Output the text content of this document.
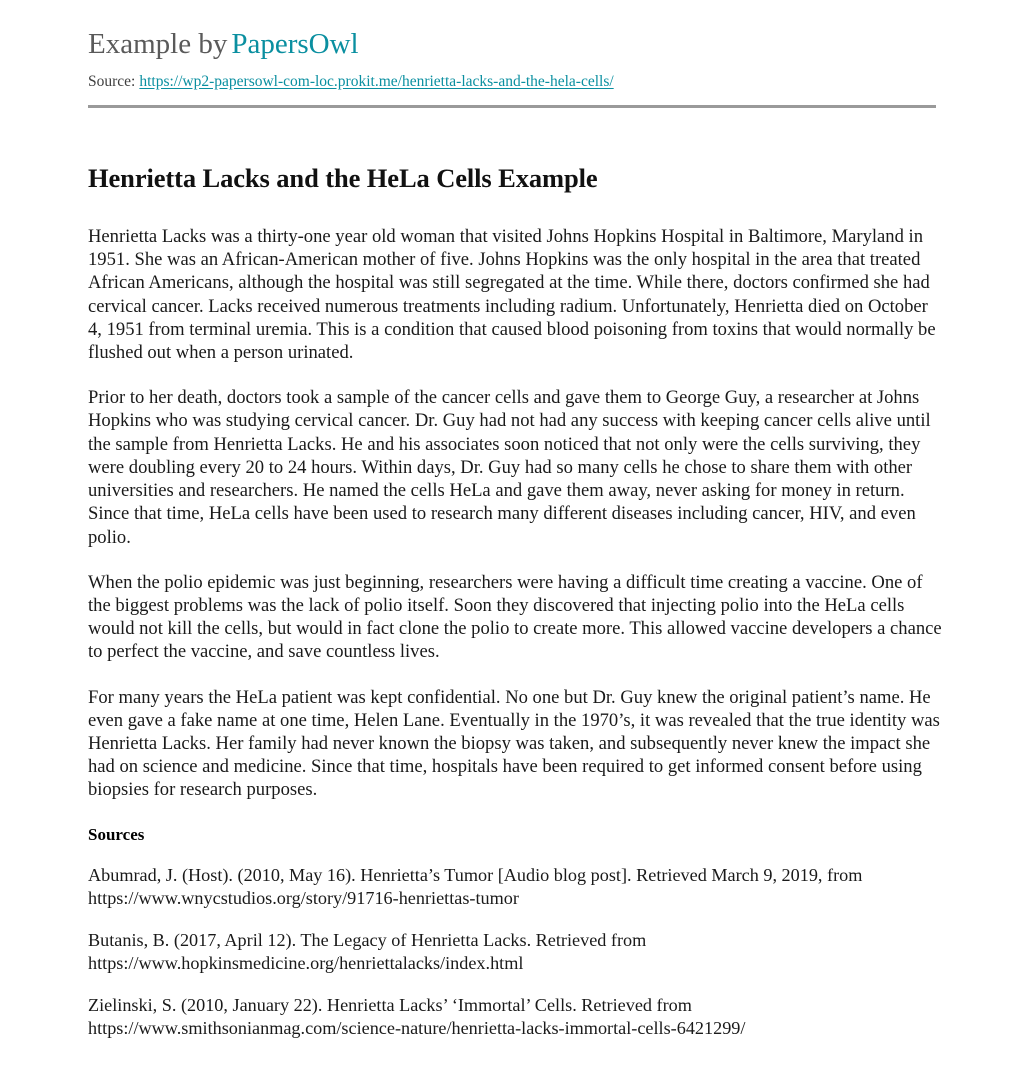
Example by PapersOwl
Source: https://wp2-papersowl-com-loc.prokit.me/henrietta-lacks-and-the-hela-cells/
Henrietta Lacks and the HeLa Cells Example

Henrietta Lacks was a thirty-one year old woman that visited Johns Hopkins Hospital in Baltimore, Maryland in 1951. She was an African-American mother of five. Johns Hopkins was the only hospital in the area that treated African Americans, although the hospital was still segregated at the time. While there, doctors confirmed she had cervical cancer. Lacks received numerous treatments including radium. Unfortunately, Henrietta died on October 4, 1951 from terminal uremia. This is a condition that caused blood poisoning from toxins that would normally be flushed out when a person urinated.

Prior to her death, doctors took a sample of the cancer cells and gave them to George Guy, a researcher at Johns Hopkins who was studying cervical cancer. Dr. Guy had not had any success with keeping cancer cells alive until the sample from Henrietta Lacks. He and his associates soon noticed that not only were the cells surviving, they were doubling every 20 to 24 hours. Within days, Dr. Guy had so many cells he chose to share them with other universities and researchers. He named the cells HeLa and gave them away, never asking for money in return. Since that time, HeLa cells have been used to research many different diseases including cancer, HIV, and even polio.

When the polio epidemic was just beginning, researchers were having a difficult time creating a vaccine. One of the biggest problems was the lack of polio itself. Soon they discovered that injecting polio into the HeLa cells would not kill the cells, but would in fact clone the polio to create more. This allowed vaccine developers a chance to perfect the vaccine, and save countless lives.

For many years the HeLa patient was kept confidential. No one but Dr. Guy knew the original patient’s name. He even gave a fake name at one time, Helen Lane. Eventually in the 1970’s, it was revealed that the true identity was Henrietta Lacks. Her family had never known the biopsy was taken, and subsequently never knew the impact she had on science and medicine. Since that time, hospitals have been required to get informed consent before using biopsies for research purposes.

Sources

Abumrad, J. (Host). (2010, May 16). Henrietta’s Tumor [Audio blog post]. Retrieved March 9, 2019, from https://www.wnycstudios.org/story/91716-henriettas-tumor

Butanis, B. (2017, April 12). The Legacy of Henrietta Lacks. Retrieved from https://www.hopkinsmedicine.org/henriettalacks/index.html

Zielinski, S. (2010, January 22). Henrietta Lacks’ ‘Immortal’ Cells. Retrieved from https://www.smithsonianmag.com/science-nature/henrietta-lacks-immortal-cells-6421299/
